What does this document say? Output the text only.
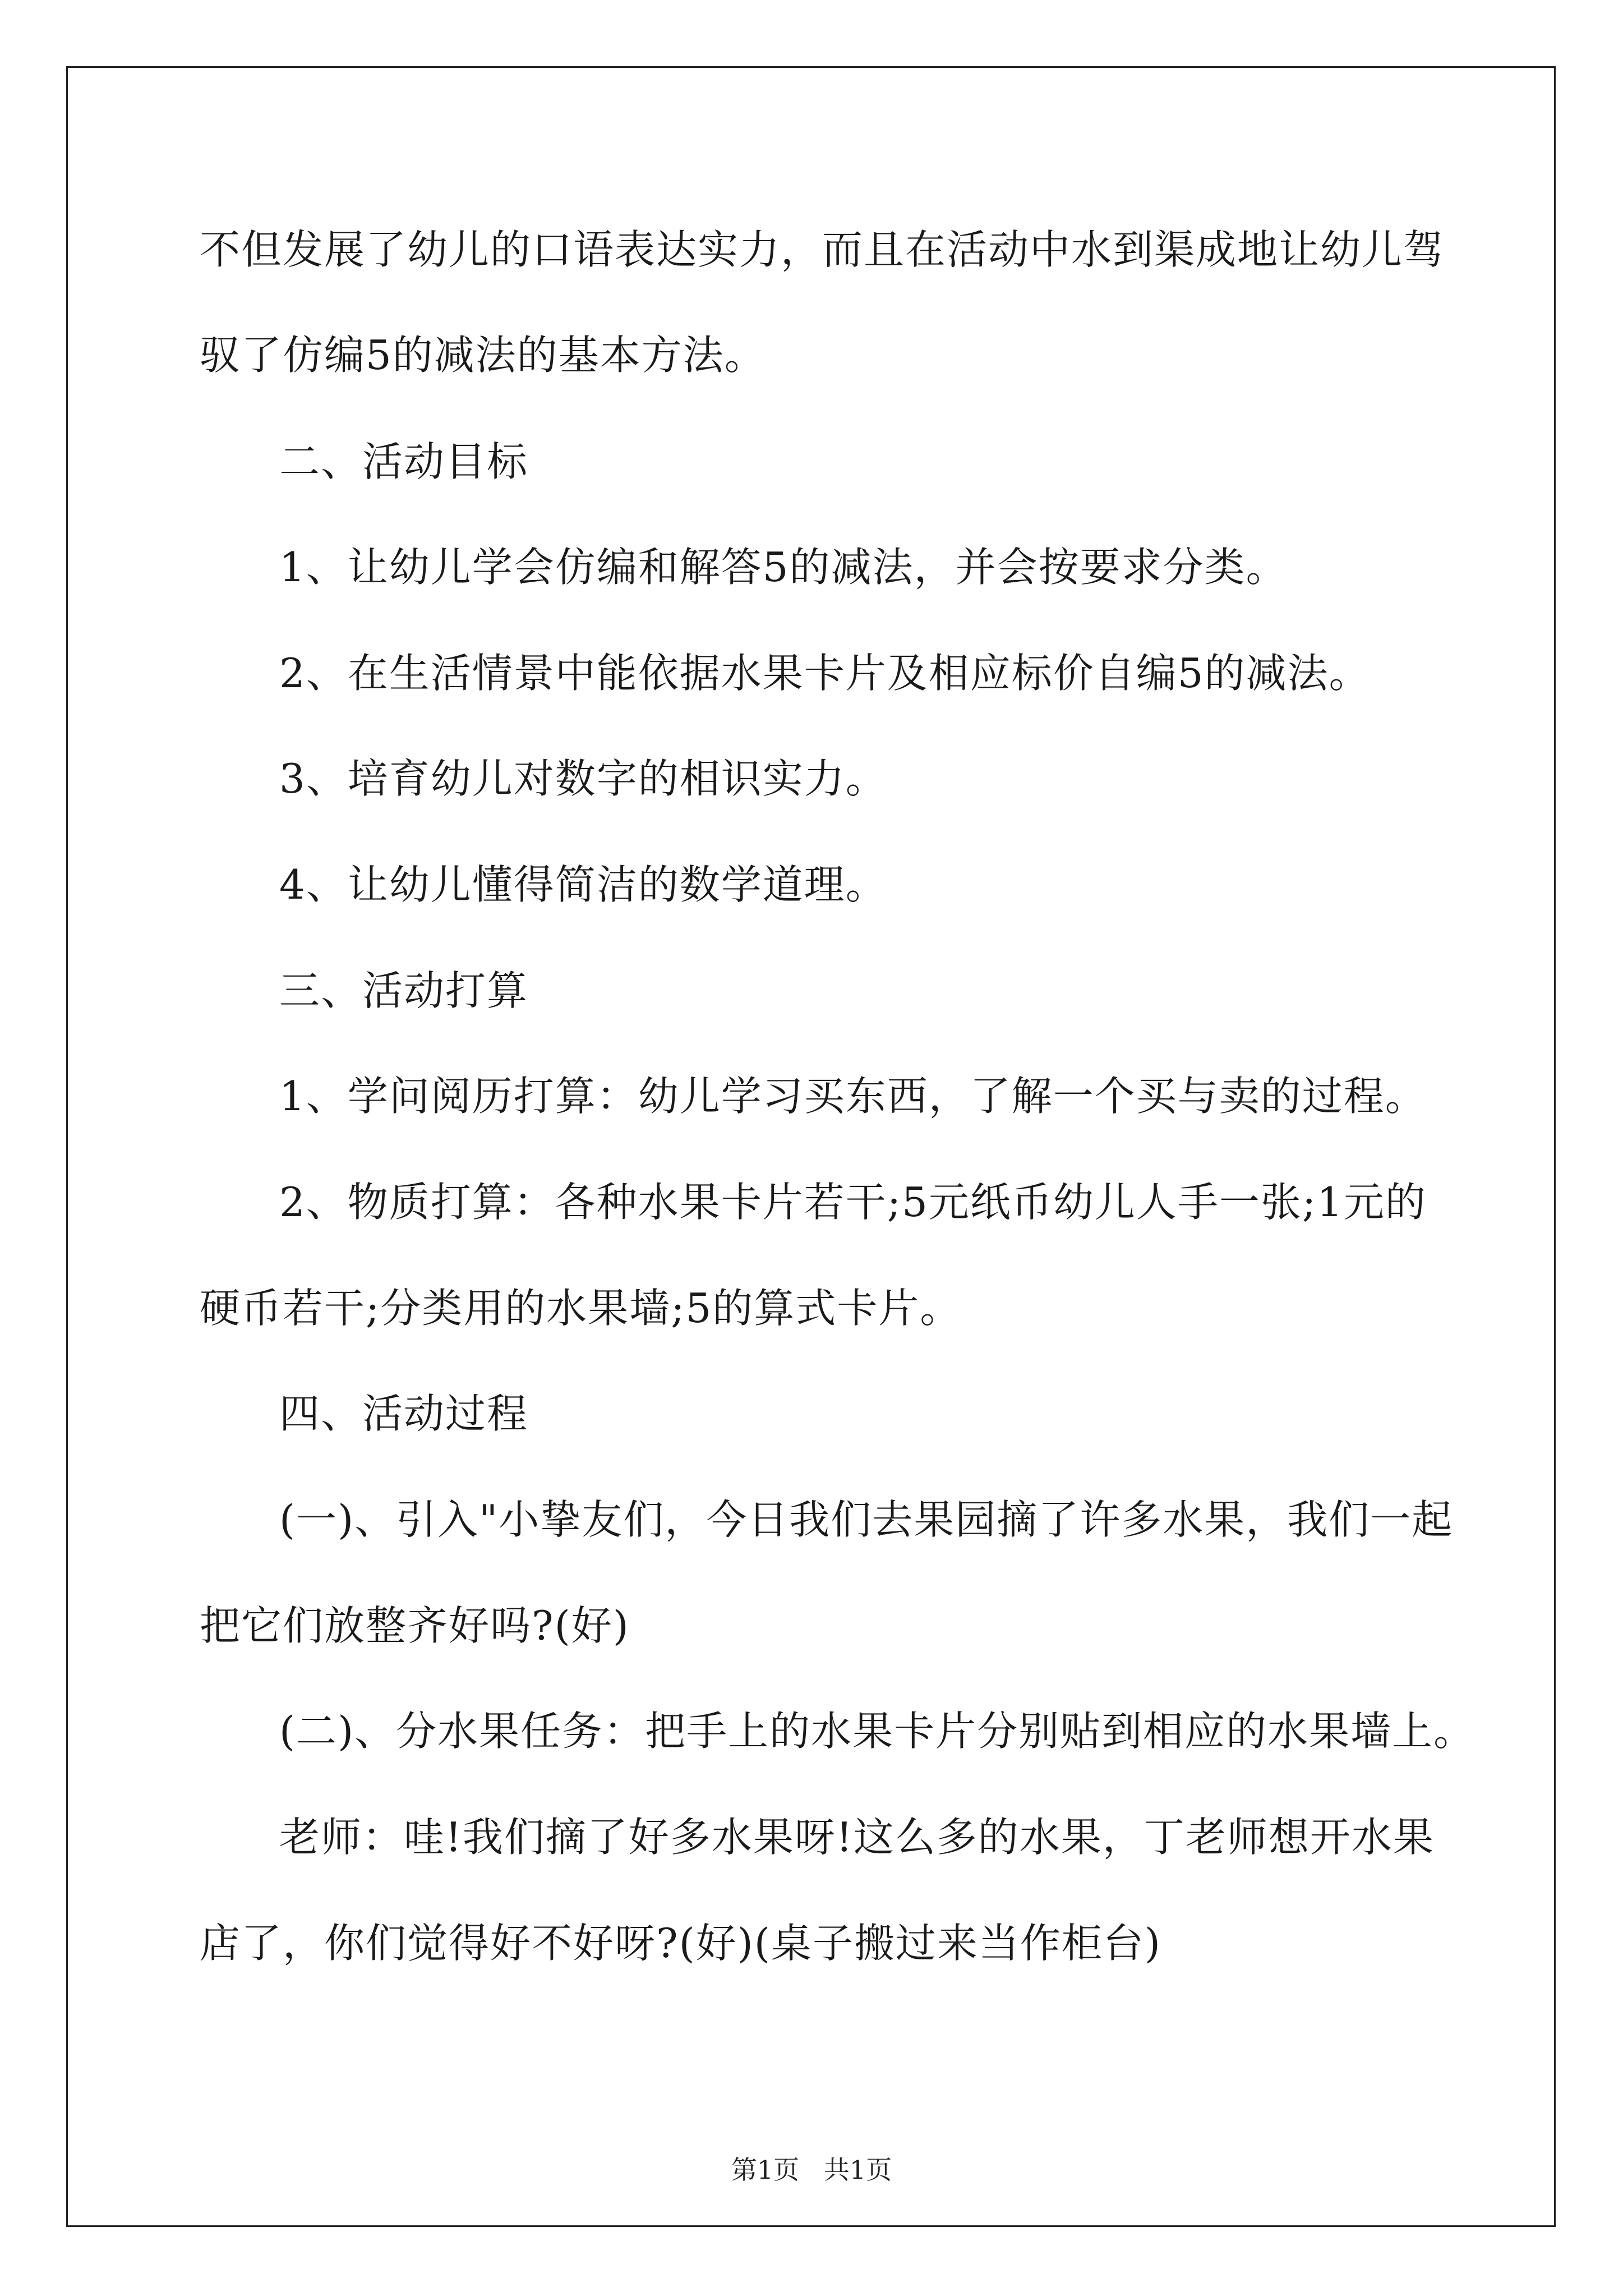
不但发展了幼儿的口语表达实力，而且在活动中水到渠成地让幼儿驾
驭了仿编5的减法的基本方法。
二、活动目标
1、让幼儿学会仿编和解答5的减法，并会按要求分类。
2、在生活情景中能依据水果卡片及相应标价自编5的减法。
3、培育幼儿对数字的相识实力。
4、让幼儿懂得简洁的数学道理。
三、活动打算
1、学问阅历打算：幼儿学习买东西，了解一个买与卖的过程。
2、物质打算：各种水果卡片若干;5元纸币幼儿人手一张;1元的
硬币若干;分类用的水果墙;5的算式卡片。
四、活动过程
(一)、引入"小挚友们，今日我们去果园摘了许多水果，我们一起
把它们放整齐好吗?(好)
(二)、分水果任务：把手上的水果卡片分别贴到相应的水果墙上。
老师：哇!我们摘了好多水果呀!这么多的水果，丁老师想开水果
店了，你们觉得好不好呀?(好)(桌子搬过来当作柜台)
第1页   共1页
